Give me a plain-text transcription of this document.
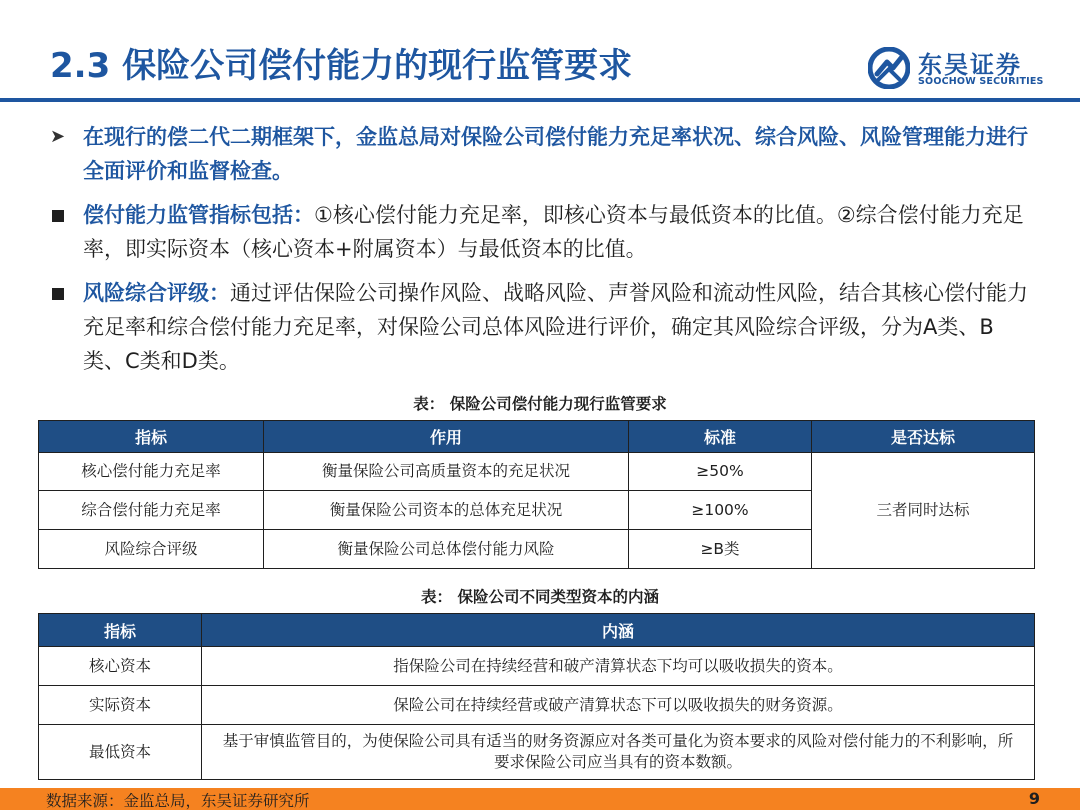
2.3 保险公司偿付能力的现行监管要求	东吴证券
SOOCHOW SECURITIES
➤ 在现行的偿二代二期框架下，金监总局对保险公司偿付能力充足率状况、综合风险、风险管理能力进行全面评价和监督检查。
偿付能力监管指标包括：①核心偿付能力充足率，即核心资本与最低资本的比值。②综合偿付能力充足率，即实际资本（核心资本+附属资本）与最低资本的比值。
风险综合评级：通过评估保险公司操作风险、战略风险、声誉风险和流动性风险，结合其核心偿付能力充足率和综合偿付能力充足率，对保险公司总体风险进行评价，确定其风险综合评级，分为A类、B类、C类和D类。
表： 保险公司偿付能力现行监管要求
指标	作用	标准	是否达标
核心偿付能力充足率	衡量保险公司高质量资本的充足状况	≥50%	三者同时达标
综合偿付能力充足率	衡量保险公司资本的总体充足状况	≥100%	
风险综合评级	衡量保险公司总体偿付能力风险	≥B类	
表： 保险公司不同类型资本的内涵
指标	内涵
核心资本	指保险公司在持续经营和破产清算状态下均可以吸收损失的资本。
实际资本	保险公司在持续经营或破产清算状态下可以吸收损失的财务资源。
最低资本	基于审慎监管目的，为使保险公司具有适当的财务资源应对各类可量化为资本要求的风险对偿付能力的不利影响，所要求保险公司应当具有的资本数额。
数据来源：金监总局，东吴证券研究所	9
